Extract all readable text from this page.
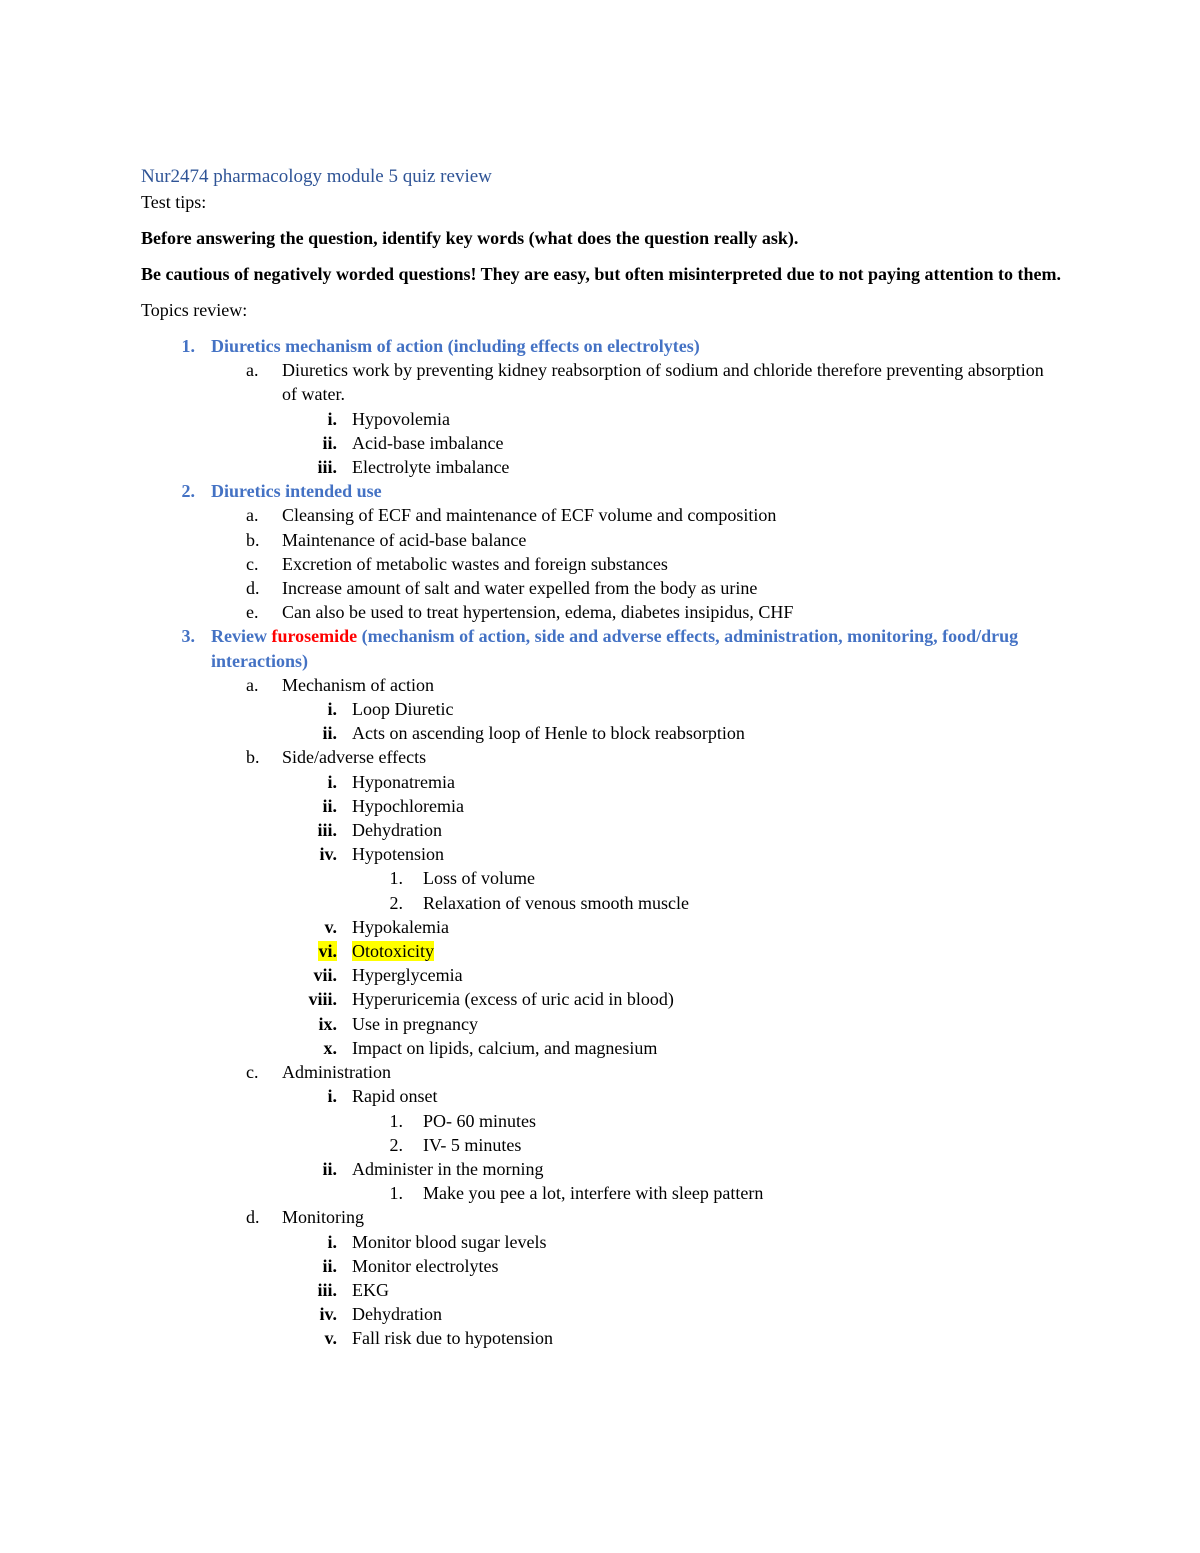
Nur2474 pharmacology module 5 quiz review
Test tips:
Before answering the question, identify key words (what does the question really ask).
Be cautious of negatively worded questions! They are easy, but often misinterpreted due to not paying attention to them.
Topics review:
1. Diuretics mechanism of action (including effects on electrolytes)
a.	Diuretics work by preventing kidney reabsorption of sodium and chloride therefore preventing absorption of water.
i. Hypovolemia
ii. Acid-base imbalance
iii. Electrolyte imbalance
2. Diuretics intended use
a.	Cleansing of ECF and maintenance of ECF volume and composition
b.	Maintenance of acid-base balance
c.	Excretion of metabolic wastes and foreign substances
d.	Increase amount of salt and water expelled from the body as urine
e.	Can also be used to treat hypertension, edema, diabetes insipidus, CHF
3. Review furosemide (mechanism of action, side and adverse effects, administration, monitoring, food/drug interactions)
a.	Mechanism of action
i. Loop Diuretic
ii. Acts on ascending loop of Henle to block reabsorption
b.	Side/adverse effects
i. Hyponatremia
ii. Hypochloremia
iii. Dehydration
iv. Hypotension
1. Loss of volume
2. Relaxation of venous smooth muscle
v. Hypokalemia
vi. Ototoxicity
vii. Hyperglycemia
viii. Hyperuricemia (excess of uric acid in blood)
ix. Use in pregnancy
x. Impact on lipids, calcium, and magnesium
c.	Administration
i. Rapid onset
1. PO- 60 minutes
2. IV- 5 minutes
ii. Administer in the morning
1. Make you pee a lot, interfere with sleep pattern
d.	Monitoring
i. Monitor blood sugar levels
ii. Monitor electrolytes
iii. EKG
iv. Dehydration
v. Fall risk due to hypotension
